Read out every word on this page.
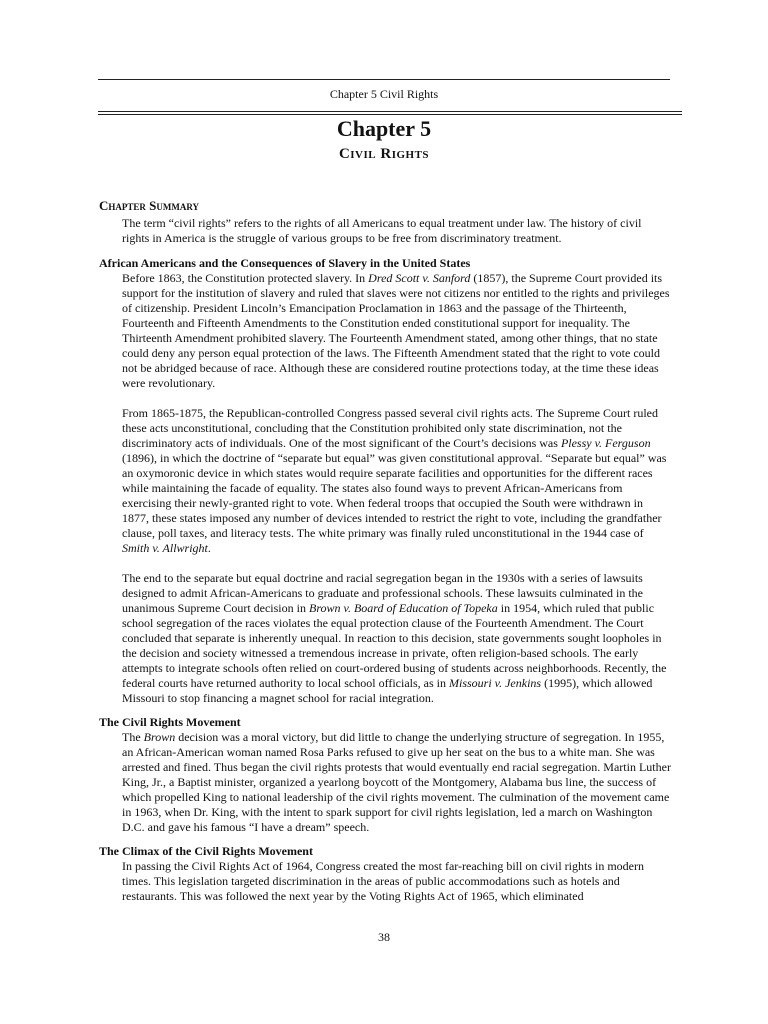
Chapter 5 Civil Rights
Chapter 5
Civil Rights
Chapter Summary

The term “civil rights” refers to the rights of all Americans to equal treatment under law. The history of civil rights in America is the struggle of various groups to be free from discriminatory treatment.

African Americans and the Consequences of Slavery in the United States

Before 1863, the Constitution protected slavery. In Dred Scott v. Sanford (1857), the Supreme Court provided its support for the institution of slavery and ruled that slaves were not citizens nor entitled to the rights and privileges of citizenship. President Lincoln’s Emancipation Proclamation in 1863 and the passage of the Thirteenth, Fourteenth and Fifteenth Amendments to the Constitution ended constitutional support for inequality. The Thirteenth Amendment prohibited slavery. The Fourteenth Amendment stated, among other things, that no state could deny any person equal protection of the laws. The Fifteenth Amendment stated that the right to vote could not be abridged because of race. Although these are considered routine protections today, at the time these ideas were revolutionary.

From 1865-1875, the Republican-controlled Congress passed several civil rights acts. The Supreme Court ruled these acts unconstitutional, concluding that the Constitution prohibited only state discrimination, not the discriminatory acts of individuals. One of the most significant of the Court’s decisions was Plessy v. Ferguson (1896), in which the doctrine of “separate but equal” was given constitutional approval. “Separate but equal” was an oxymoronic device in which states would require separate facilities and opportunities for the different races while maintaining the facade of equality. The states also found ways to prevent African-Americans from exercising their newly-granted right to vote. When federal troops that occupied the South were withdrawn in 1877, these states imposed any number of devices intended to restrict the right to vote, including the grandfather clause, poll taxes, and literacy tests. The white primary was finally ruled unconstitutional in the 1944 case of Smith v. Allwright.

The end to the separate but equal doctrine and racial segregation began in the 1930s with a series of lawsuits designed to admit African-Americans to graduate and professional schools. These lawsuits culminated in the unanimous Supreme Court decision in Brown v. Board of Education of Topeka in 1954, which ruled that public school segregation of the races violates the equal protection clause of the Fourteenth Amendment. The Court concluded that separate is inherently unequal. In reaction to this decision, state governments sought loopholes in the decision and society witnessed a tremendous increase in private, often religion-based schools. The early attempts to integrate schools often relied on court-ordered busing of students across neighborhoods. Recently, the federal courts have returned authority to local school officials, as in Missouri v. Jenkins (1995), which allowed Missouri to stop financing a magnet school for racial integration.

The Civil Rights Movement

The Brown decision was a moral victory, but did little to change the underlying structure of segregation. In 1955, an African-American woman named Rosa Parks refused to give up her seat on the bus to a white man. She was arrested and fined. Thus began the civil rights protests that would eventually end racial segregation. Martin Luther King, Jr., a Baptist minister, organized a yearlong boycott of the Montgomery, Alabama bus line, the success of which propelled King to national leadership of the civil rights movement. The culmination of the movement came in 1963, when Dr. King, with the intent to spark support for civil rights legislation, led a march on Washington D.C. and gave his famous “I have a dream” speech.

The Climax of the Civil Rights Movement

In passing the Civil Rights Act of 1964, Congress created the most far-reaching bill on civil rights in modern times. This legislation targeted discrimination in the areas of public accommodations such as hotels and restaurants. This was followed the next year by the Voting Rights Act of 1965, which eliminated

38
